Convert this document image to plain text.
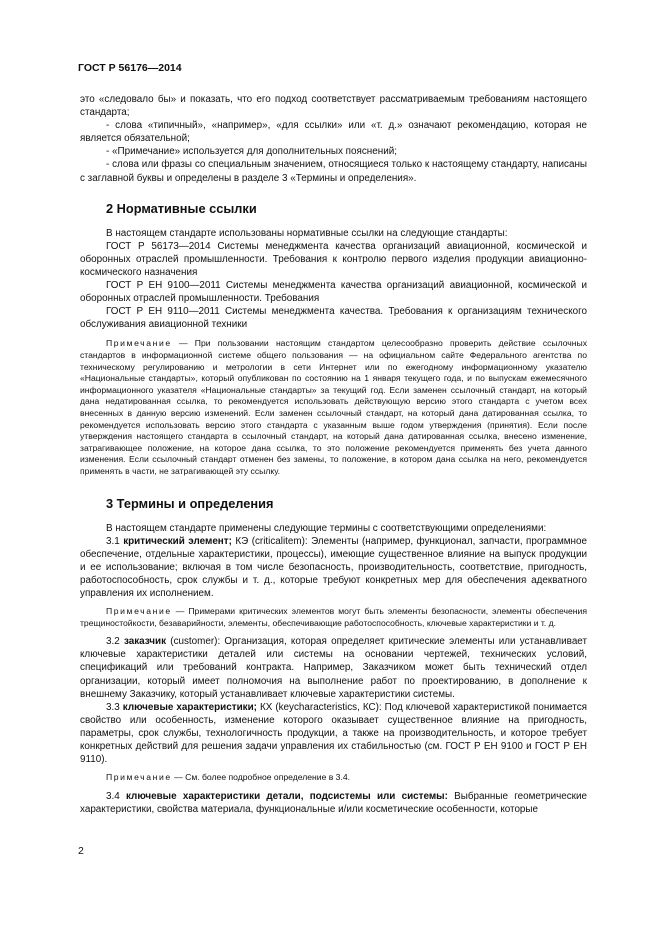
ГОСТ Р 56176—2014

это «следовало бы» и показать, что его подход соответствует рассматриваемым требованиям настоящего стандарта;

- слова «типичный», «например», «для ссылки» или «т. д.» означают рекомендацию, которая не является обязательной;

- «Примечание» используется для дополнительных пояснений;

- слова или фразы со специальным значением, относящиеся только к настоящему стандарту, написаны с заглавной буквы и определены в разделе 3 «Термины и определения».

2 Нормативные ссылки

В настоящем стандарте использованы нормативные ссылки на следующие стандарты:

ГОСТ Р 56173—2014 Системы менеджмента качества организаций авиационной, космической и оборонных отраслей промышленности. Требования к контролю первого изделия продукции авиационно-космического назначения

ГОСТ Р ЕН 9100—2011 Системы менеджмента качества организаций авиационной, космической и оборонных отраслей промышленности. Требования

ГОСТ Р ЕН 9110—2011 Системы менеджмента качества. Требования к организациям технического обслуживания авиационной техники

Примечание — При пользовании настоящим стандартом целесообразно проверить действие ссылочных стандартов в информационной системе общего пользования — на официальном сайте Федерального агентства по техническому регулированию и метрологии в сети Интернет или по ежегодному информационному указателю «Национальные стандарты», который опубликован по состоянию на 1 января текущего года, и по выпускам ежемесячного информационного указателя «Национальные стандарты» за текущий год. Если заменен ссылочный стандарт, на который дана недатированная ссылка, то рекомендуется использовать действующую версию этого стандарта с учетом всех внесенных в данную версию изменений. Если заменен ссылочный стандарт, на который дана датированная ссылка, то рекомендуется использовать версию этого стандарта с указанным выше годом утверждения (принятия). Если после утверждения настоящего стандарта в ссылочный стандарт, на который дана датированная ссылка, внесено изменение, затрагивающее положение, на которое дана ссылка, то это положение рекомендуется применять без учета данного изменения. Если ссылочный стандарт отменен без замены, то положение, в котором дана ссылка на него, рекомендуется применять в части, не затрагивающей эту ссылку.

3 Термины и определения

В настоящем стандарте применены следующие термины с соответствующими определениями:

3.1 критический элемент; КЭ (criticalitem): Элементы (например, функционал, запчасти, программное обеспечение, отдельные характеристики, процессы), имеющие существенное влияние на выпуск продукции и ее использование; включая в том числе безопасность, производительность, соответствие, пригодность, работоспособность, срок службы и т. д., которые требуют конкретных мер для обеспечения адекватного управления их исполнением.

Примечание — Примерами критических элементов могут быть элементы безопасности, элементы обеспечения трещиностойкости, безаварийности, элементы, обеспечивающие работоспособность, ключевые характеристики и т. д.

3.2 заказчик (customer): Организация, которая определяет критические элементы или устанавливает ключевые характеристики деталей или системы на основании чертежей, технических условий, спецификаций или требований контракта. Например, Заказчиком может быть технический отдел организации, который имеет полномочия на выполнение работ по проектированию, в дополнение к внешнему Заказчику, который устанавливает ключевые характеристики системы.

3.3 ключевые характеристики; КХ (keycharacteristics, КС): Под ключевой характеристикой понимается свойство или особенность, изменение которого оказывает существенное влияние на пригодность, параметры, срок службы, технологичность продукции, а также на производительность, и которое требует конкретных действий для решения задачи управления их стабильностью (см. ГОСТ Р ЕН 9100 и ГОСТ Р ЕН 9110).

Примечание — См. более подробное определение в 3.4.

3.4 ключевые характеристики детали, подсистемы или системы: Выбранные геометрические характеристики, свойства материала, функциональные и/или косметические особенности, которые

2
